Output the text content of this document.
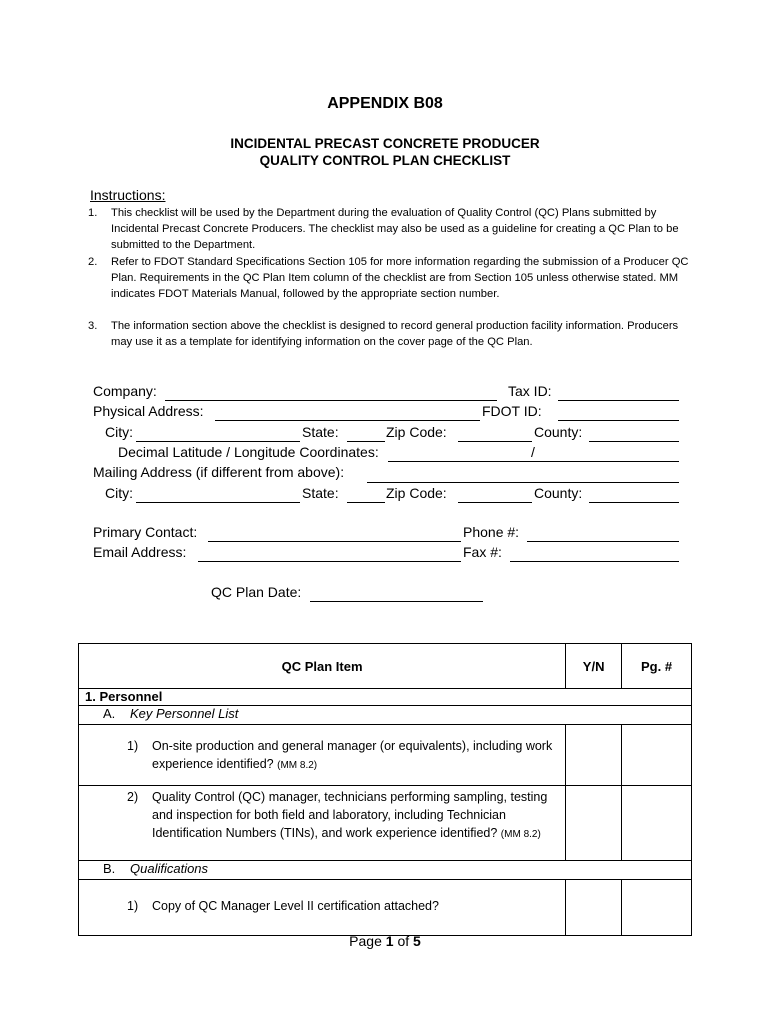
APPENDIX B08
INCIDENTAL PRECAST CONCRETE PRODUCER
QUALITY CONTROL PLAN CHECKLIST
Instructions:
1. This checklist will be used by the Department during the evaluation of Quality Control (QC) Plans submitted by Incidental Precast Concrete Producers. The checklist may also be used as a guideline for creating a QC Plan to be submitted to the Department.
2. Refer to FDOT Standard Specifications Section 105 for more information regarding the submission of a Producer QC Plan. Requirements in the QC Plan Item column of the checklist are from Section 105 unless otherwise stated. MM indicates FDOT Materials Manual, followed by the appropriate section number.
3. The information section above the checklist is designed to record general production facility information. Producers may use it as a template for identifying information on the cover page of the QC Plan.
Company:	Tax ID:
Physical Address:	FDOT ID:
City:	State:	Zip Code:	County:
Decimal Latitude / Longitude Coordinates:	/
Mailing Address (if different from above):
City:	State:	Zip Code:	County:
Primary Contact:	Phone #:
Email Address:	Fax #:
QC Plan Date:
QC Plan Item	Y/N	Pg. #
1. Personnel		
A. Key Personnel List		

1) On-site production and general manager (or equivalents), including work experience identified? (MM 8.2)		

2) Quality Control (QC) manager, technicians performing sampling, testing and inspection for both field and laboratory, including Technician Identification Numbers (TINs), and work experience identified? (MM 8.2)		

B. Qualifications		

1) Copy of QC Manager Level II certification attached?		

Page 1 of 5
